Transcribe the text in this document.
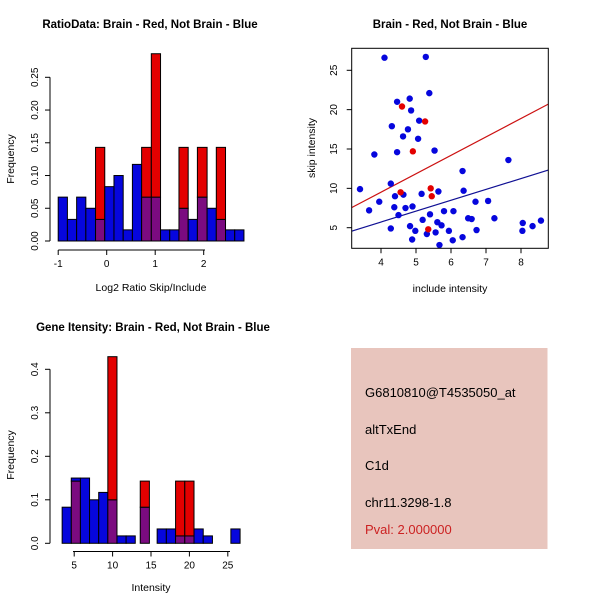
0.00
0.05
0.10
0.15
0.20
0.25
-1	0	1	2	4	5	6	7	8
5
10
15
20
25
0.0
0.1
0.2
0.3
0.4
5	10	15	20	25
RatioData: Brain - Red, Not Brain - Blue
Log2 Ratio Skip/Include
Frequency
Brain - Red, Not Brain - Blue
include intensity
skip intensity
Gene Itensity: Brain - Red, Not Brain - Blue
Intensity
Frequency
G6810810@T4535050_at
altTxEnd
C1d
chr11.3298-1.8
Pval: 2.000000
